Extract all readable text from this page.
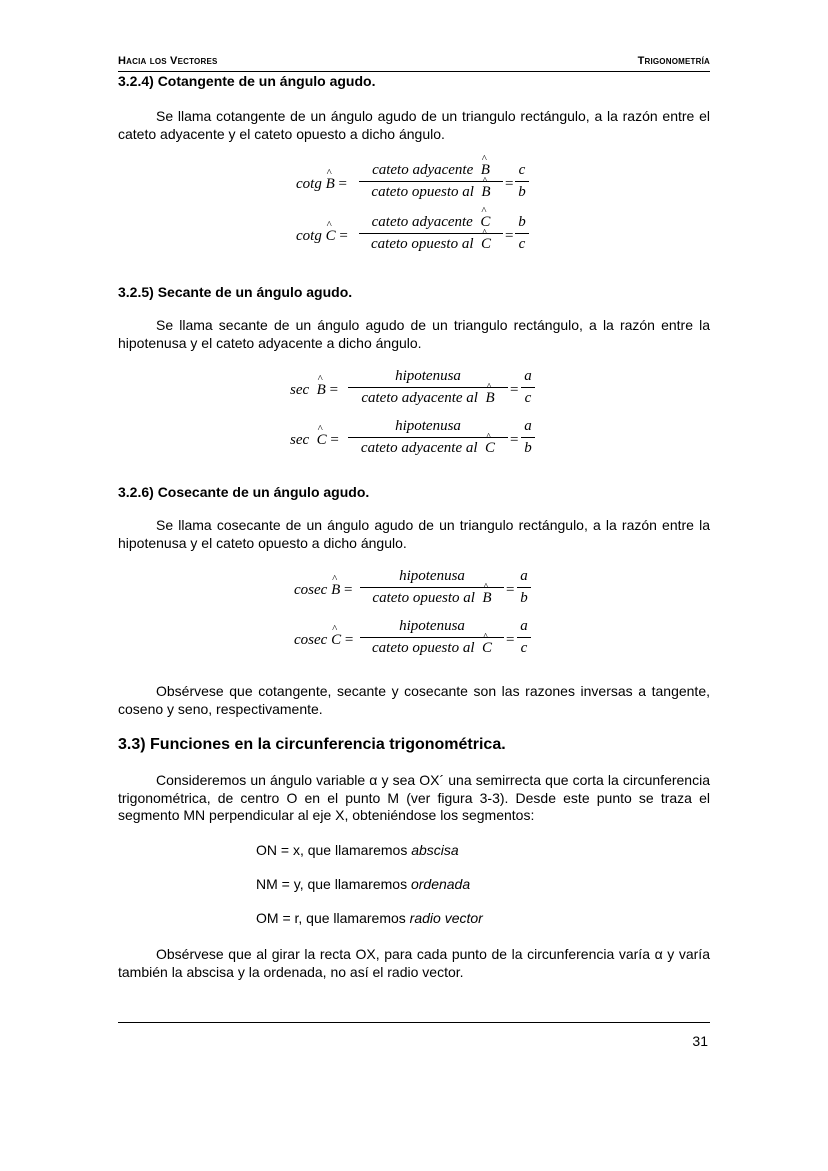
Hacia los Vectores	Trigonometría
3.2.4) Cotangente de un ángulo agudo.
Se llama cotangente de un ángulo agudo de un triangulo rectángulo, a la razón entre el cateto adyacente y el cateto opuesto a dicho ángulo.
cotg ^ B =
cateto adyacente ^ B
cateto opuesto al ^ $B = \frac{c}{b}$
cotg ^ C =
cateto adyacente ^ C
cateto opuesto al ^ $C = \frac{b}{c}$
3.2.5) Secante de un ángulo agudo.
Se llama secante de un ángulo agudo de un triangulo rectángulo, a la razón entre la hipotenusa y el cateto adyacente a dicho ángulo.
sec ^ B =
hipotenusa
cateto adyacente al ^ B	= $\frac{a}{c}$
sec ^ C =
hipotenusa
cateto adyacente al ^ $C = \frac{a}{b}$
3.2.6) Cosecante de un ángulo agudo.
Se llama cosecante de un ángulo agudo de un triangulo rectángulo, a la razón entre la hipotenusa y el cateto opuesto a dicho ángulo.
cosec ^ B =
hipotenusa
cateto opuesto al ^ $B = \frac{a}{b}$
cosec ^ C =
hipotenusa
cateto opuesto al ^ $C = \frac{a}{c}$
Obsérvese que cotangente, secante y cosecante son las razones inversas a tangente, coseno y seno, respectivamente.
3.3) Funciones en la circunferencia trigonométrica.
Consideremos un ángulo variable α y sea OX´ una semirrecta que corta la circunferencia trigonométrica, de centro O en el punto M (ver figura 3-3). Desde este punto se traza el segmento MN perpendicular al eje X, obteniéndose los segmentos:
ON = x, que llamaremos abscisa
NM = y, que llamaremos ordenada
OM = r, que llamaremos radio vector
Obsérvese que al girar la recta OX, para cada punto de la circunferencia varía α y varía también la abscisa y la ordenada, no así el radio vector.
31
